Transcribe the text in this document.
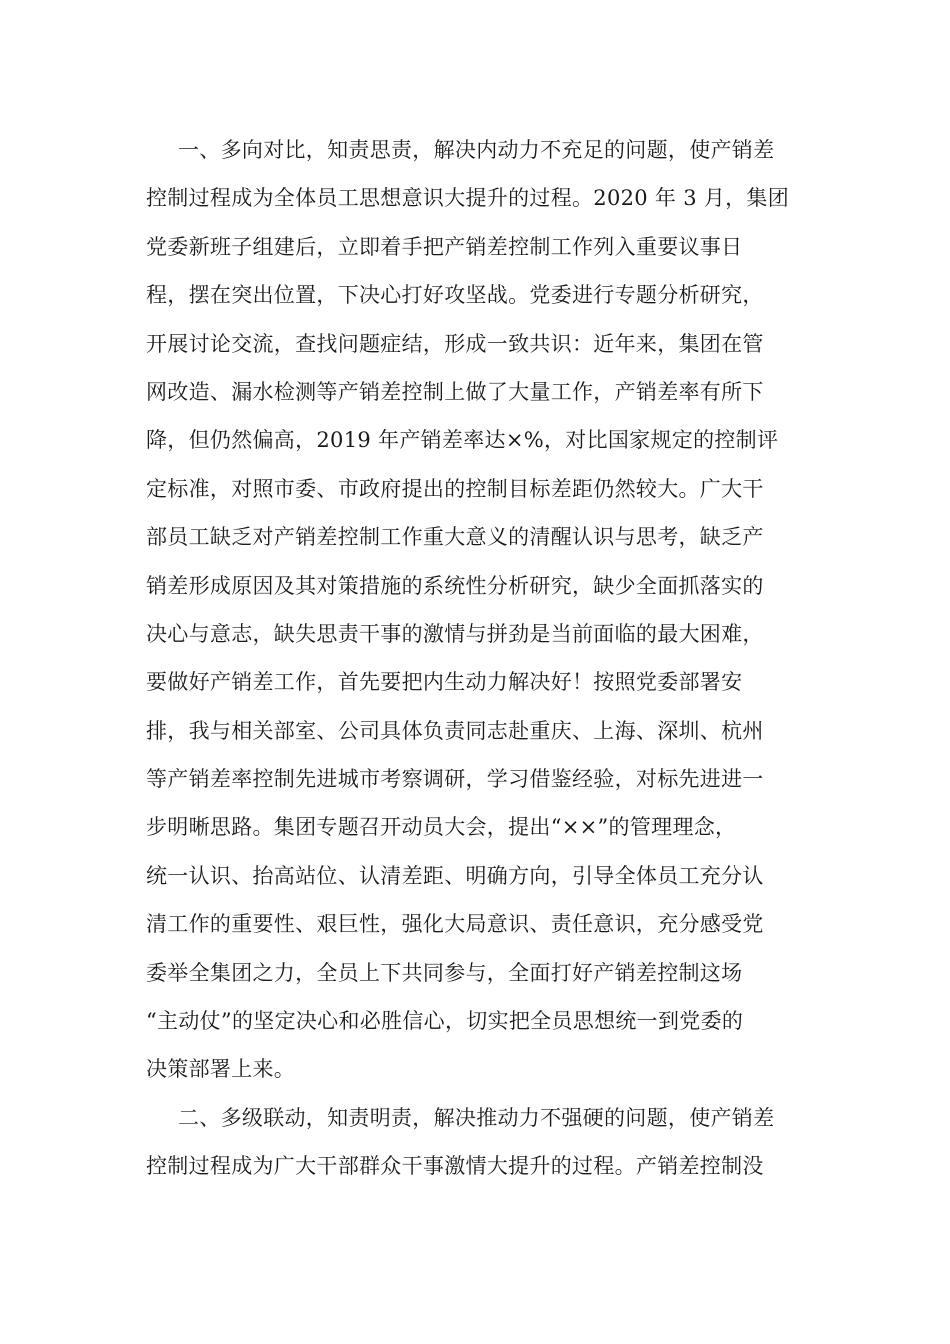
一、多向对比，知责思责，解决内动力不充足的问题，使产销差
控制过程成为全体员工思想意识大提升的过程。2020 年 3 月，集团
党委新班子组建后，立即着手把产销差控制工作列入重要议事日
程，摆在突出位置，下决心打好攻坚战。党委进行专题分析研究，
开展讨论交流，查找问题症结，形成一致共识：近年来，集团在管
网改造、漏水检测等产销差控制上做了大量工作，产销差率有所下
降，但仍然偏高，2019 年产销差率达×%，对比国家规定的控制评
定标准，对照市委、市政府提出的控制目标差距仍然较大。广大干
部员工缺乏对产销差控制工作重大意义的清醒认识与思考，缺乏产
销差形成原因及其对策措施的系统性分析研究，缺少全面抓落实的
决心与意志，缺失思责干事的激情与拼劲是当前面临的最大困难，
要做好产销差工作，首先要把内生动力解决好！按照党委部署安
排，我与相关部室、公司具体负责同志赴重庆、上海、深圳、杭州
等产销差率控制先进城市考察调研，学习借鉴经验，对标先进进一
步明晰思路。集团专题召开动员大会，提出“××”的管理理念，
统一认识、抬高站位、认清差距、明确方向，引导全体员工充分认
清工作的重要性、艰巨性，强化大局意识、责任意识，充分感受党
委举全集团之力，全员上下共同参与，全面打好产销差控制这场
“主动仗”的坚定决心和必胜信心，切实把全员思想统一到党委的
决策部署上来。
二、多级联动，知责明责，解决推动力不强硬的问题，使产销差
控制过程成为广大干部群众干事激情大提升的过程。产销差控制没
